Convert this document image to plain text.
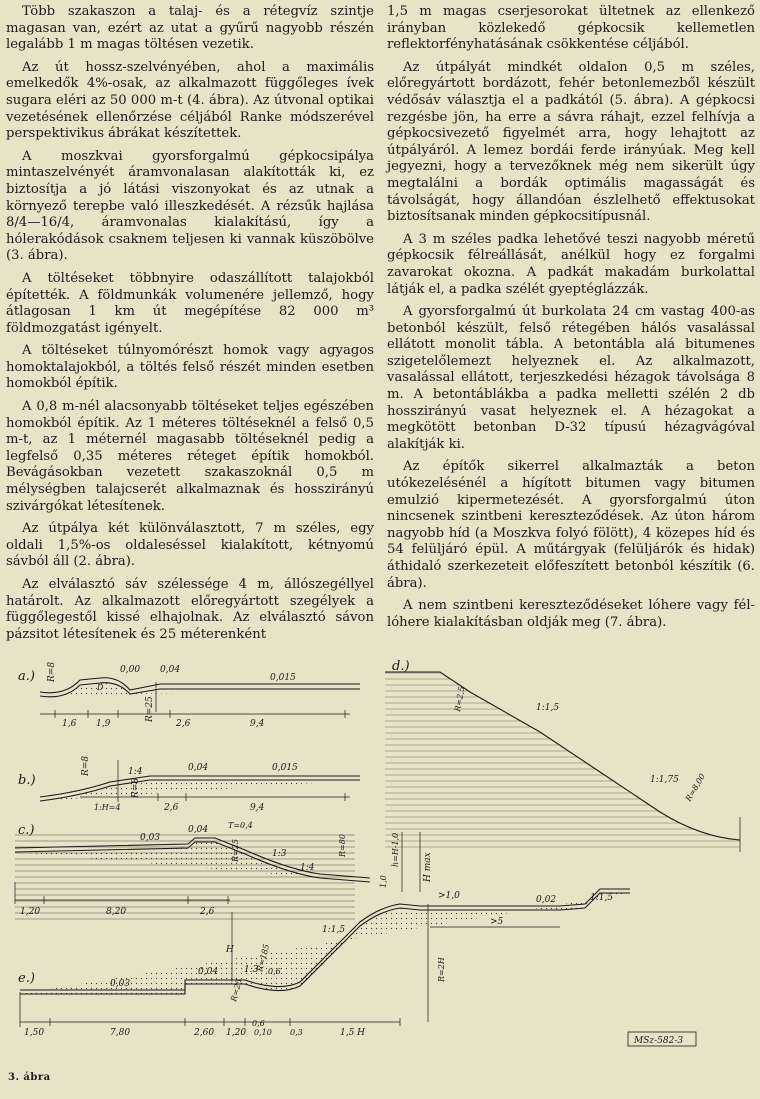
Több szakaszon a talaj- és a rétegvíz szintje magasan van, ezért az utat a gyűrű nagyobb részén legalább 1 m magas töltésen vezetik.

Az út hossz-szelvényében, ahol a maximális emelkedők 4%-osak, az alkalmazott függőleges ívek sugara eléri az 50 000 m-t (4. ábra). Az útvonal optikai vezetésének ellenőrzése céljából Ranke módszerével perspektivikus ábrákat készítettek.

A moszkvai gyorsforgalmú gépkocsipálya mintaszelvényét áramvonalasan alakították ki, ez biztosítja a jó látási viszonyokat és az utnak a környező terepbe való illeszkedését. A rézsűk hajlása 8/4—16/4, áramvonalas kialakítású, így a hólerakódások csaknem teljesen ki vannak küszöbölve (3. ábra).

A töltéseket többnyire odaszállított talajokból építették. A földmunkák volumenére jellemző, hogy átlagosan 1 km út megépítése 82 000 m³ földmozgatást igényelt.

A töltéseket túlnyomórészt homok vagy agyagos homoktalajokból, a töltés felső részét minden esetben homokból építik.

A 0,8 m-nél alacsonyabb töltéseket teljes egészében homokból építik. Az 1 méteres töltéseknél a felső 0,5 m-t, az 1 méternél magasabb töltéseknél pedig a legfelső 0,35 méteres réteget építik homokból. Bevágásokban vezetett szakaszoknál 0,5 m mélységben talajcserét alkalmaznak és hosszirányú szivárgókat létesítenek.

Az útpálya két különválasztott, 7 m széles, egy oldali 1,5%-os oldaleséssel kialakított, kétnyomú sávból áll (2. ábra).

Az elválasztó sáv szélessége 4 m, állószegéllyel határolt. Az alkalmazott előregyártott szegélyek a függőlegestől kissé elhajolnak. Az elválasztó sávon pázsitot létesítenek és 25 méterenként

1,5 m magas cserjesorokat ültetnek az ellenkező irányban közlekedő gépkocsik kellemetlen reflektorfényhatásának csökkentése céljából.

Az útpályát mindkét oldalon 0,5 m széles, előregyártott bordázott, fehér betonlemezből készült védősáv választja el a padkától (5. ábra). A gépkocsi rezgésbe jön, ha erre a sávra ráhajt, ezzel felhívja a gépkocsivezető figyelmét arra, hogy lehajtott az útpályáról. A lemez bordái ferde irányúak. Meg kell jegyezni, hogy a tervezőknek még nem sikerült úgy megtalálni a bordák optimális magasságát és távolságát, hogy állandóan észlelhető effektusokat biztosítsanak minden gépkocsitípusnál.

A 3 m széles padka lehetővé teszi nagyobb méretű gépkocsik félreállását, anélkül hogy ez forgalmi zavarokat okozna. A padkát makadám burkolattal látják el, a padka szélét gyeptéglázzák.

A gyorsforgalmú út burkolata 24 cm vastag 400-as betonból készült, felső rétegében hálós vasalással ellátott monolit tábla. A betontábla alá bitumenes szigetelőlemezt helyeznek el. Az alkalmazott, vasalással ellátott, terjeszkedési hézagok távolsága 8 m. A betontáblákba a padka melletti szélén 2 db hosszirányú vasat helyeznek el. A hézagokat a megkötött betonban D-32 típusú hézagvágóval alakítják ki.

Az építők sikerrel alkalmazták a beton utókezelésénél a hígított bitumen vagy bitumen emulzió kipermetezését. A gyorsforgalmú úton nincsenek szintbeni kereszteződések. Az úton három nagyobb híd (a Moszkva folyó fölött), 4 közepes híd és 54 felüljáró épül. A műtárgyak (felüljárók és hidak) áthidaló szerkezeteit előfeszített betonból készítik (6. ábra).

A nem szintbeni kereszteződéseket lóhere vagy fél-lóhere kialakításban oldják meg (7. ábra).

a.) R=8
D
0,00 0,04
0,015
R=25
1,6 1,9	2,6	9,4
b.)
R=8	1:4	0,04	0,015
1:H=4	2,6	9,4
R=8
c.)	0,03
0,04
1:3
1:4
T=0,4
R=25	R=80	h=H-1,0
H max
1,0
1,20	8,20	2,6
d.)
1:1,5
1:1,75
R=2,5
R=8,00
e.)	0,03
0,04	1:3 0,6
1:1,5
0,02	1:1,5
R=185
R=25
R=2H
H
>1,0
>5
1,50	7,80	2,60 1,20
0,6
0,10 0,3	1,5 H
MSz-582-3
3. ábra
